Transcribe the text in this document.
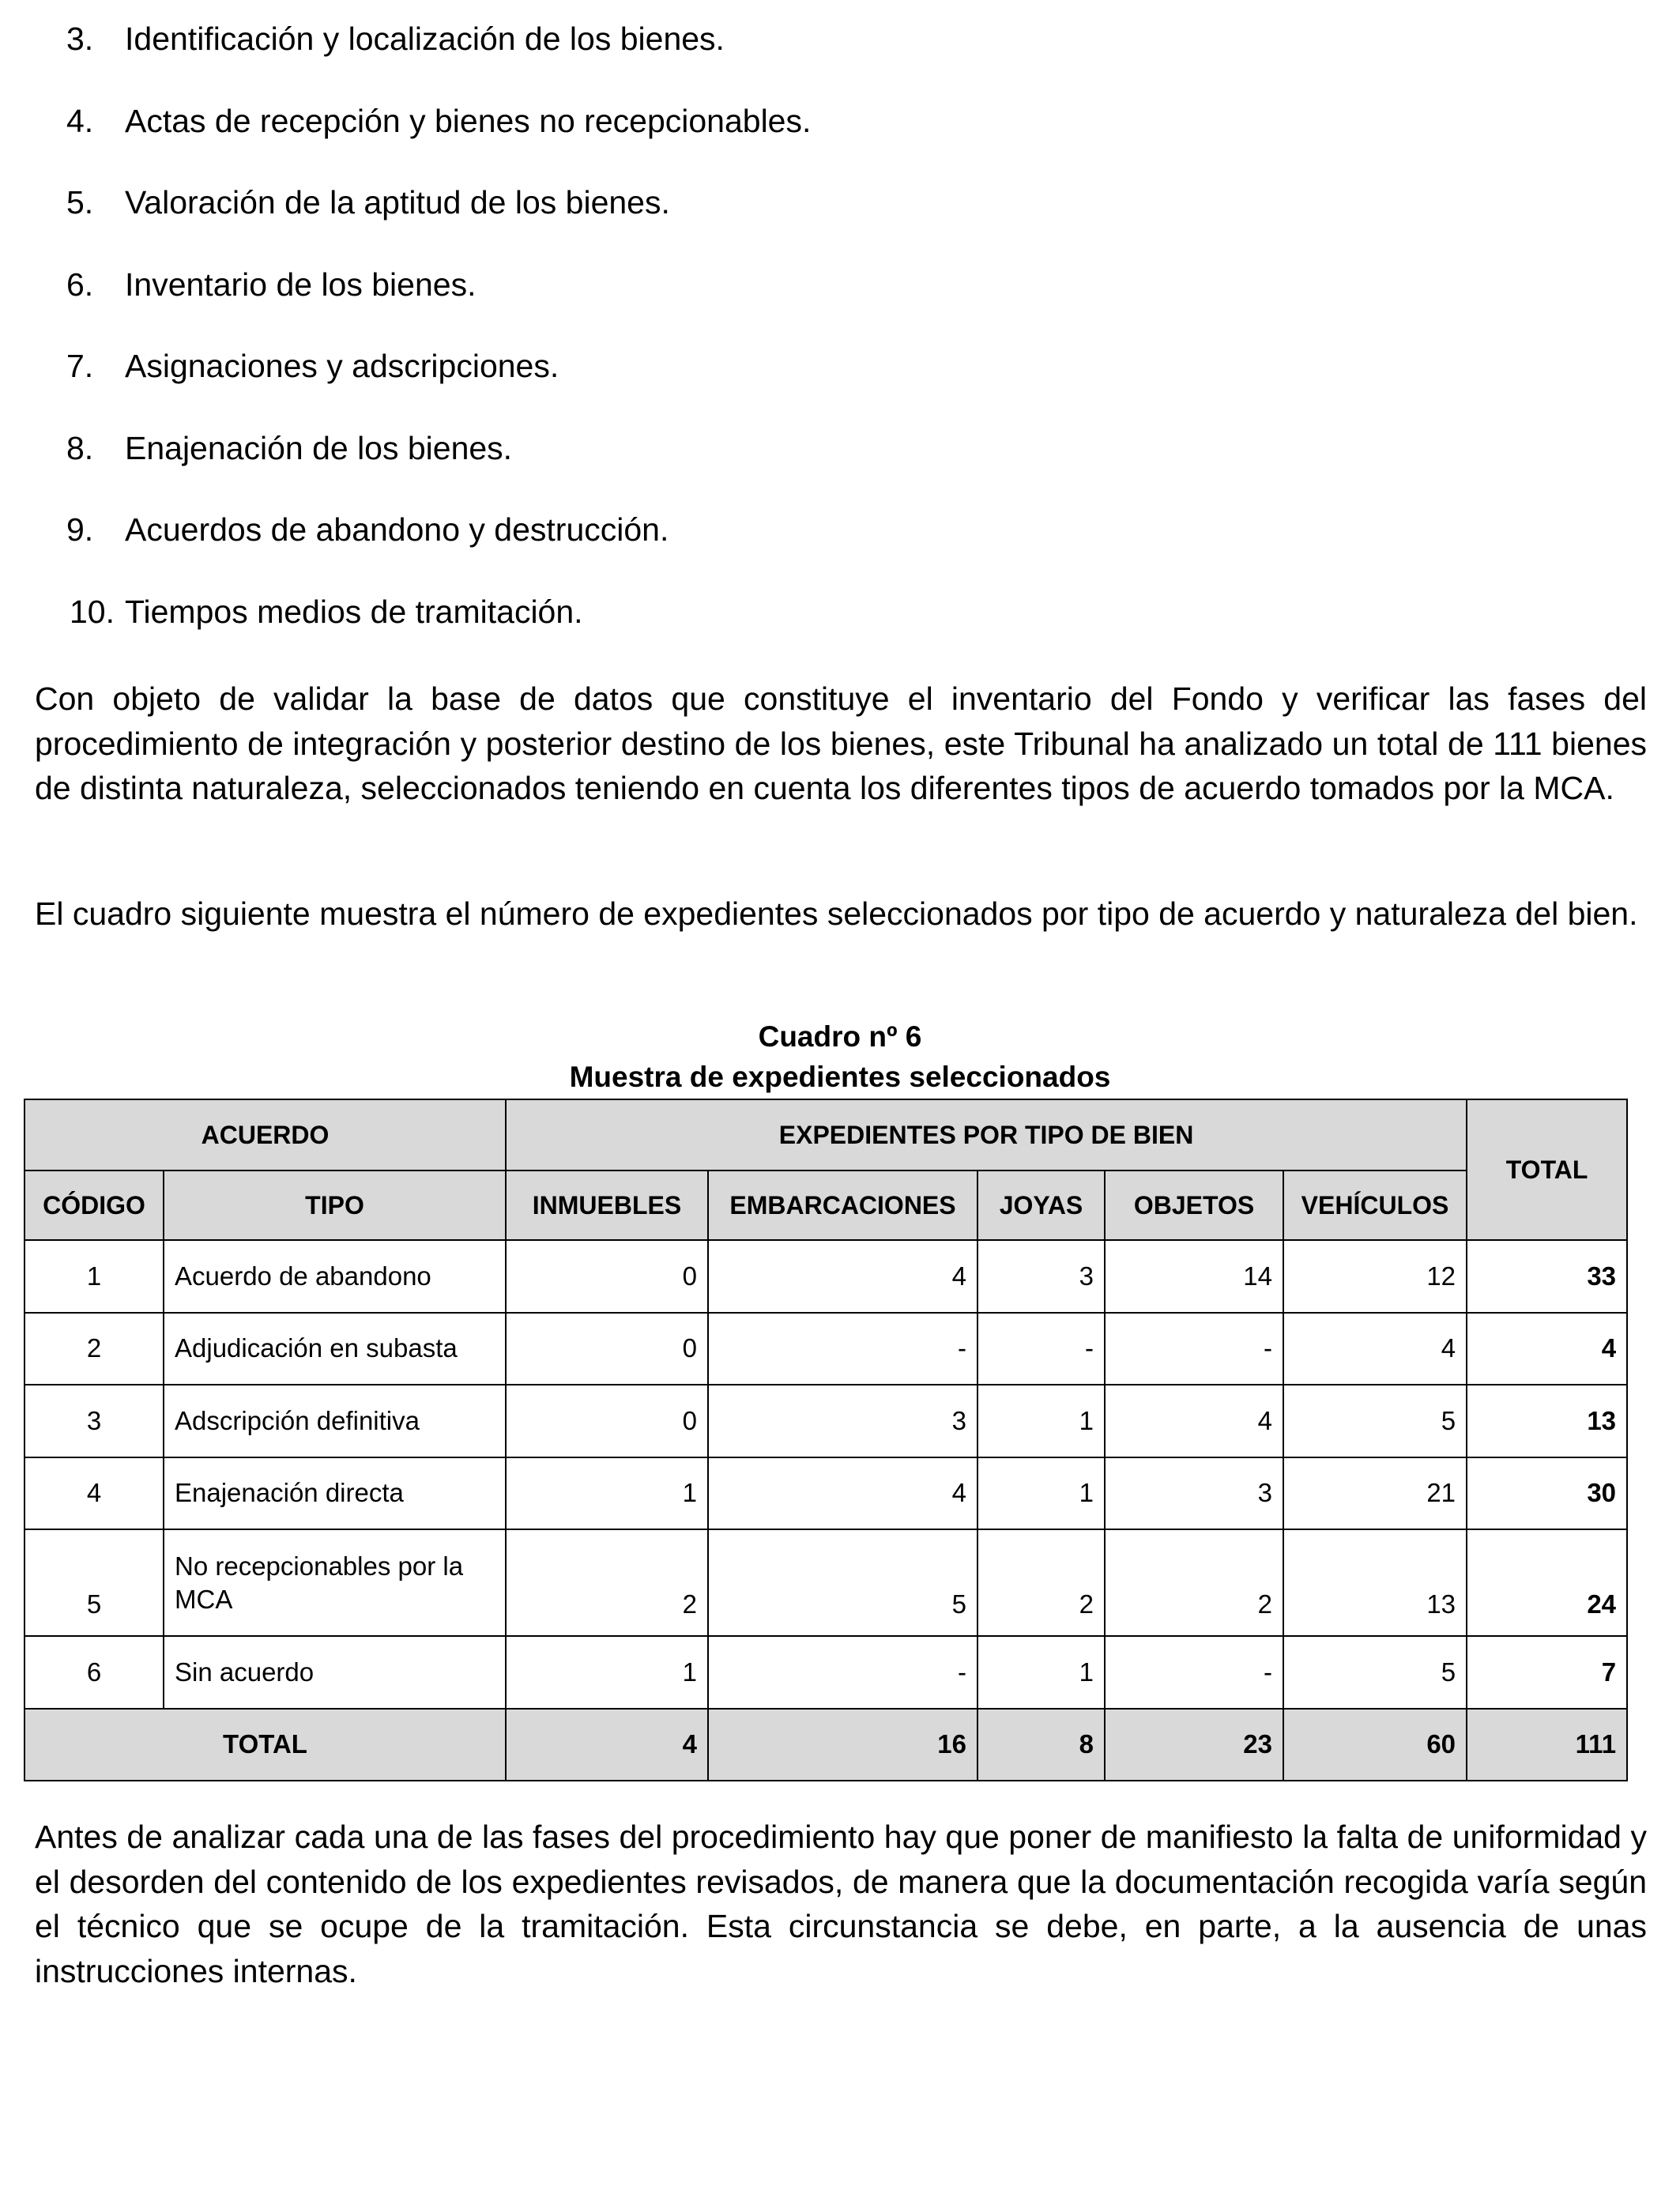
3. Identificación y localización de los bienes.
4. Actas de recepción y bienes no recepcionables.
5. Valoración de la aptitud de los bienes.
6. Inventario de los bienes.
7. Asignaciones y adscripciones.
8. Enajenación de los bienes.
9. Acuerdos de abandono y destrucción.
10. Tiempos medios de tramitación.

Con objeto de validar la base de datos que constituye el inventario del Fondo y verificar las fases del procedimiento de integración y posterior destino de los bienes, este Tribunal ha analizado un total de 111 bienes de distinta naturaleza, seleccionados teniendo en cuenta los diferentes tipos de acuerdo tomados por la MCA.

El cuadro siguiente muestra el número de expedientes seleccionados por tipo de acuerdo y naturaleza del bien.

Cuadro nº 6

Muestra de expedientes seleccionados

ACUERDO		EXPEDIENTES POR TIPO DE BIEN					TOTAL
CÓDIGO	TIPO	INMUEBLES	EMBARCACIONES	JOYAS	OBJETOS	VEHÍCULOS	
1	Acuerdo de abandono	0	4	3	14	12	33
2	Adjudicación en subasta	0	-	-	-	4	4
3	Adscripción definitiva	0	3	1	4	5	13
4	Enajenación directa	1	4	1	3	21	30
5	No recepcionables por la MCA	2	5	2	2	13	24
6	Sin acuerdo	1	-	1	-	5	7
TOTAL		4	16	8	23	60	111

Antes de analizar cada una de las fases del procedimiento hay que poner de manifiesto la falta de uniformidad y el desorden del contenido de los expedientes revisados, de manera que la documentación recogida varía según el técnico que se ocupe de la tramitación. Esta circunstancia se debe, en parte, a la ausencia de unas instrucciones internas.
